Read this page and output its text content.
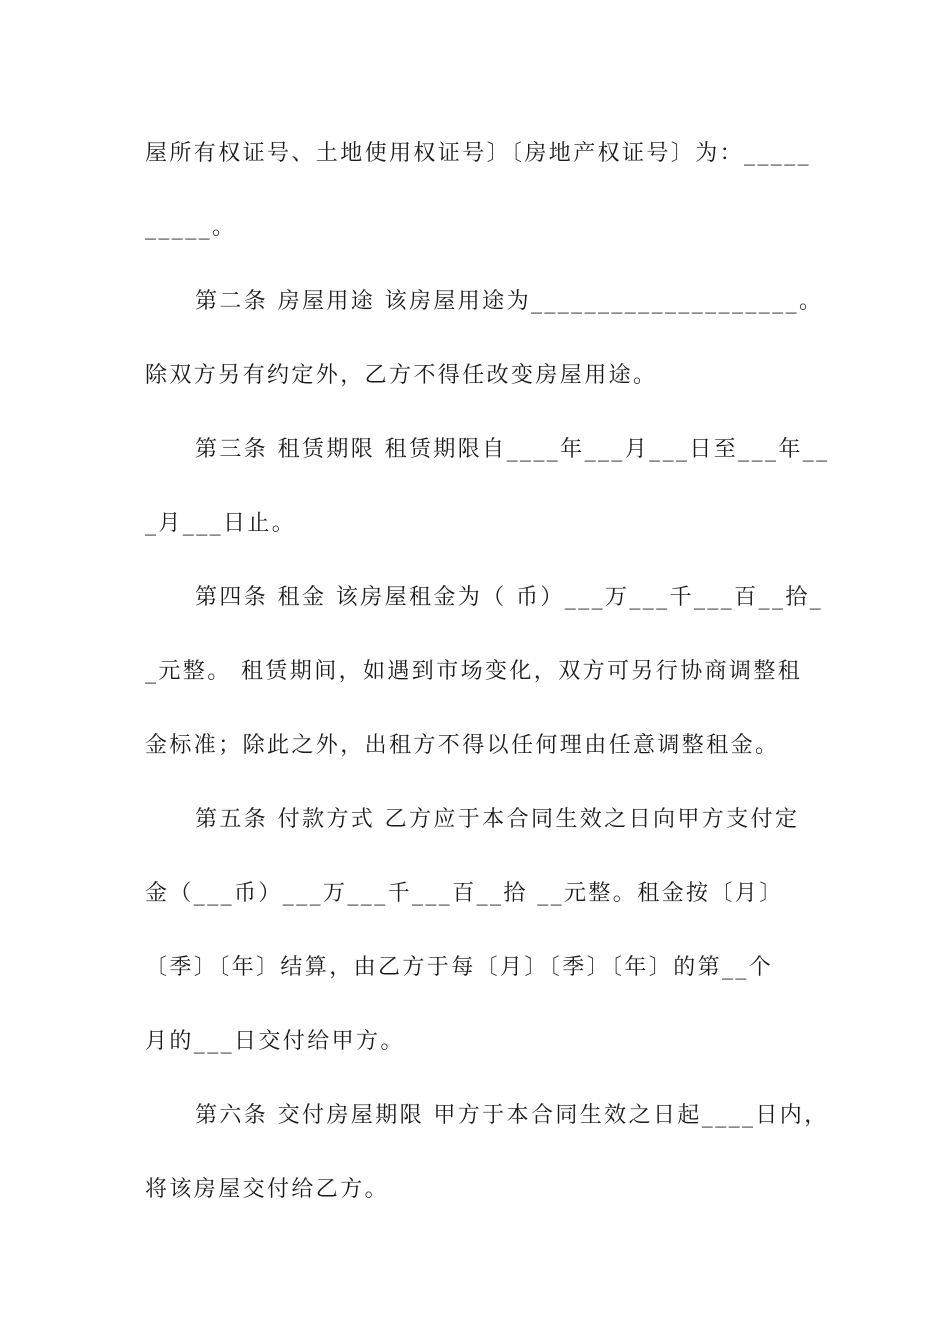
屋所有权证号、土地使用权证号〕〔房地产权证号〕为：_____
_____。
第二条 房屋用途 该房屋用途为____________________。
除双方另有约定外，乙方不得任改变房屋用途。
第三条 租赁期限 租赁期限自____年___月___日至___年__
_月___日止。
第四条 租金 该房屋租金为（ 币）___万___千___百__拾_
_元整。 租赁期间，如遇到市场变化，双方可另行协商调整租
金标准；除此之外，出租方不得以任何理由任意调整租金。
第五条 付款方式 乙方应于本合同生效之日向甲方支付定
金（___币）___万___千___百__拾 __元整。租金按〔月〕
〔季〕〔年〕结算，由乙方于每〔月〕〔季〕〔年〕的第__个
月的___日交付给甲方。
第六条 交付房屋期限 甲方于本合同生效之日起____日内，
将该房屋交付给乙方。
